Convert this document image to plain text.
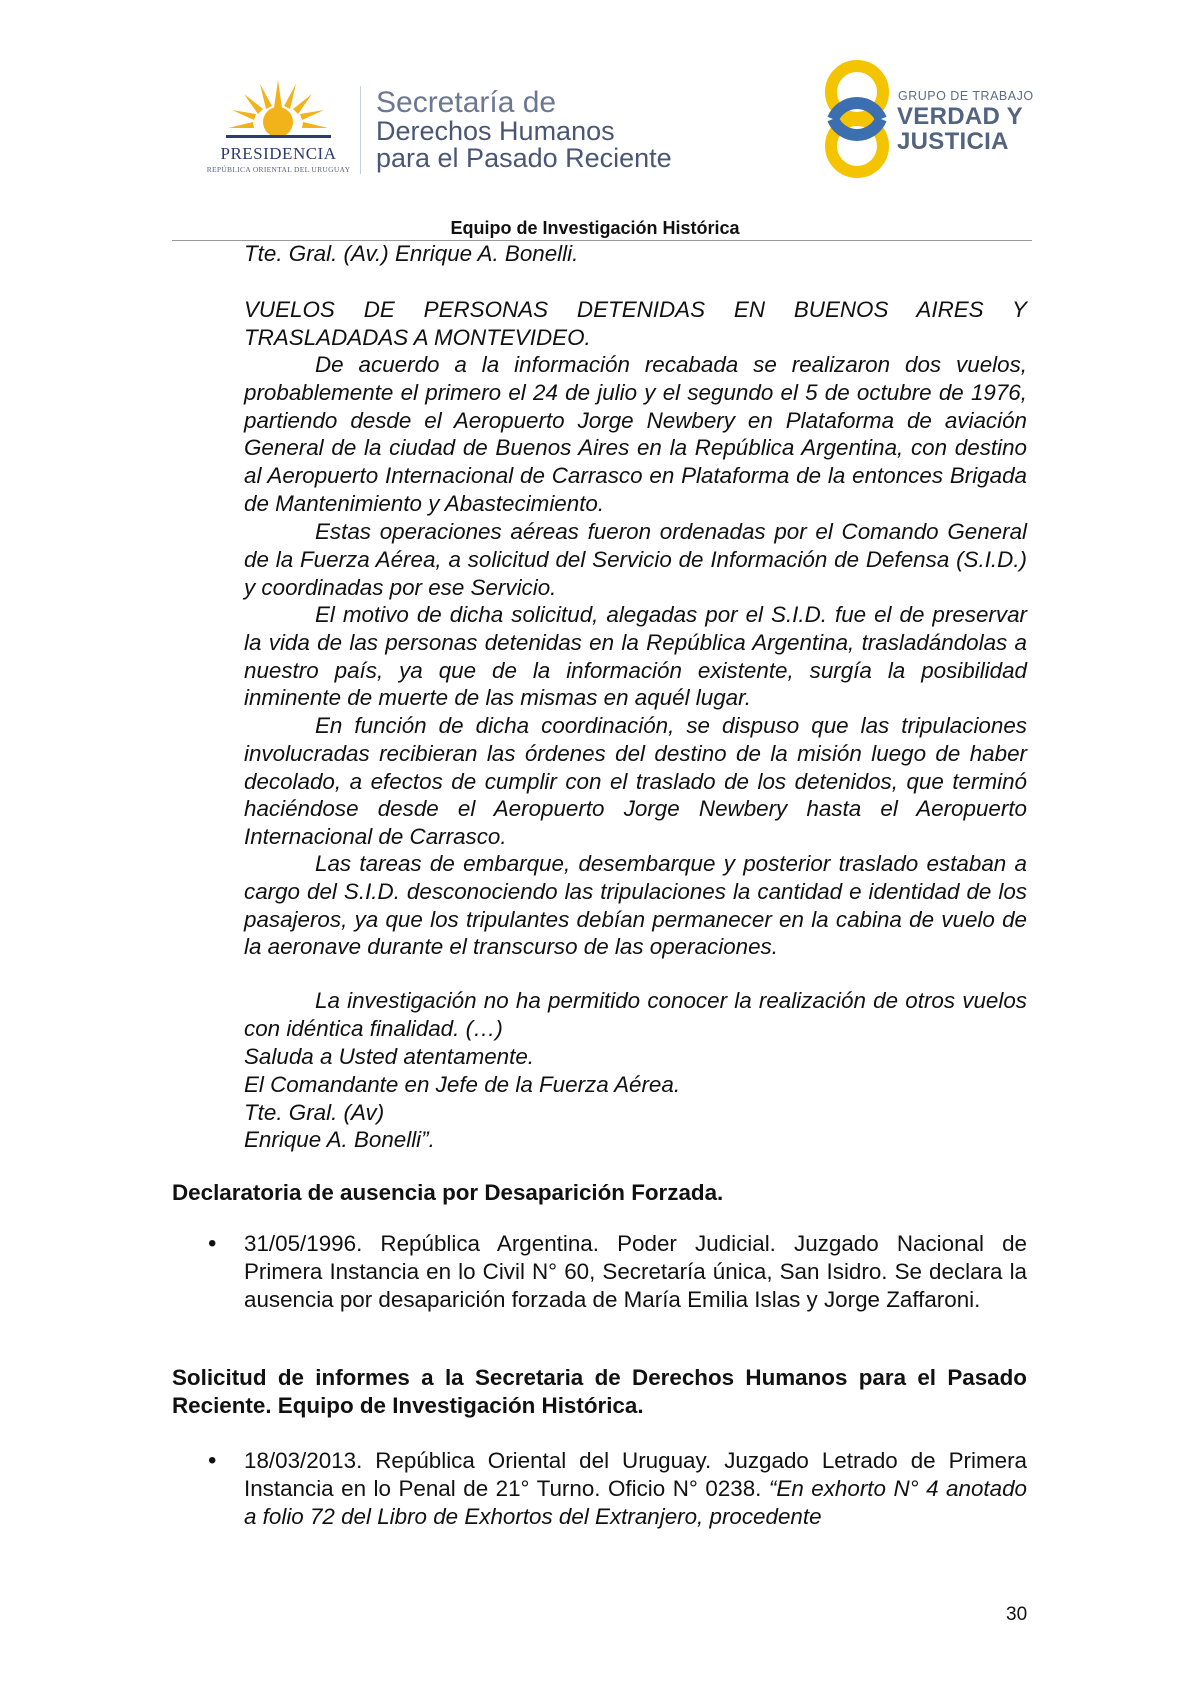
PRESIDENCIA
REPÚBLICA ORIENTAL DEL URUGUAY
Secretaría de
Derechos Humanos
para el Pasado Reciente
GRUPO DE TRABAJO
VERDAD Y
JUSTICIA
Equipo de Investigación Histórica
Tte. Gral. (Av.) Enrique A. Bonelli.
VUELOS DE PERSONAS DETENIDAS EN BUENOS AIRES Y TRASLADADAS A MONTEVIDEO.
De acuerdo a la información recabada se realizaron dos vuelos, probablemente el primero el 24 de julio y el segundo el 5 de octubre de 1976, partiendo desde el Aeropuerto Jorge Newbery en Plataforma de aviación General de la ciudad de Buenos Aires en la República Argentina, con destino al Aeropuerto Internacional de Carrasco en Plataforma de la entonces Brigada de Mantenimiento y Abastecimiento.
Estas operaciones aéreas fueron ordenadas por el Comando General de la Fuerza Aérea, a solicitud del Servicio de Información de Defensa (S.I.D.) y coordinadas por ese Servicio.
El motivo de dicha solicitud, alegadas por el S.I.D. fue el de preservar la vida de las personas detenidas en la República Argentina, trasladándolas a nuestro país, ya que de la información existente, surgía la posibilidad inminente de muerte de las mismas en aquél lugar.
En función de dicha coordinación, se dispuso que las tripulaciones involucradas recibieran las órdenes del destino de la misión luego de haber decolado, a efectos de cumplir con el traslado de los detenidos, que terminó haciéndose desde el Aeropuerto Jorge Newbery hasta el Aeropuerto Internacional de Carrasco.
Las tareas de embarque, desembarque y posterior traslado estaban a cargo del S.I.D. desconociendo las tripulaciones la cantidad e identidad de los pasajeros, ya que los tripulantes debían permanecer en la cabina de vuelo de la aeronave durante el transcurso de las operaciones.
La investigación no ha permitido conocer la realización de otros vuelos con idéntica finalidad. (…)
Saluda a Usted atentamente.
El Comandante en Jefe de la Fuerza Aérea.
Tte. Gral. (Av)
Enrique A. Bonelli”.
Declaratoria de ausencia por Desaparición Forzada.
• 31/05/1996. República Argentina. Poder Judicial. Juzgado Nacional de Primera Instancia en lo Civil N° 60, Secretaría única, San Isidro. Se declara la ausencia por desaparición forzada de María Emilia Islas y Jorge Zaffaroni.
Solicitud de informes a la Secretaria de Derechos Humanos para el Pasado Reciente. Equipo de Investigación Histórica.
• 18/03/2013. República Oriental del Uruguay. Juzgado Letrado de Primera Instancia en lo Penal de 21° Turno. Oficio N° 0238. “En exhorto N° 4 anotado a folio 72 del Libro de Exhortos del Extranjero, procedente
30
